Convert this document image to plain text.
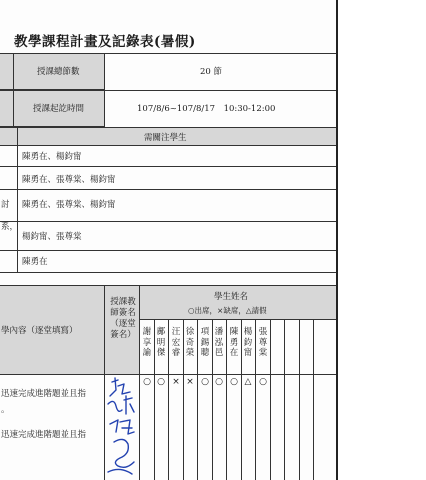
教學課程計畫及記錄表(暑假)
授課總節數	20 節
授課起訖時間	107/8/6~107/8/17　10:30-12:00
需關注學生
陳勇在、楊鈞甯
陳勇在、張尊棠、楊鈞甯
討 陳勇在、張尊棠、楊鈞甯
系，
楊鈞甯、張尊棠
陳勇在
學內容（逐堂填寫）
授課教師簽名（逐堂簽名）
學生姓名
○出席，×缺席，△請假
謝享諭
鄺明傑
汪宏睿
徐奇榮
項錫聰
潘泓邑
陳勇在
楊鈞甯
張尊棠
迅速完成進階題並且指
。
○ ○ × × ○ ○ ○ △ ○
迅速完成進階題並且指
